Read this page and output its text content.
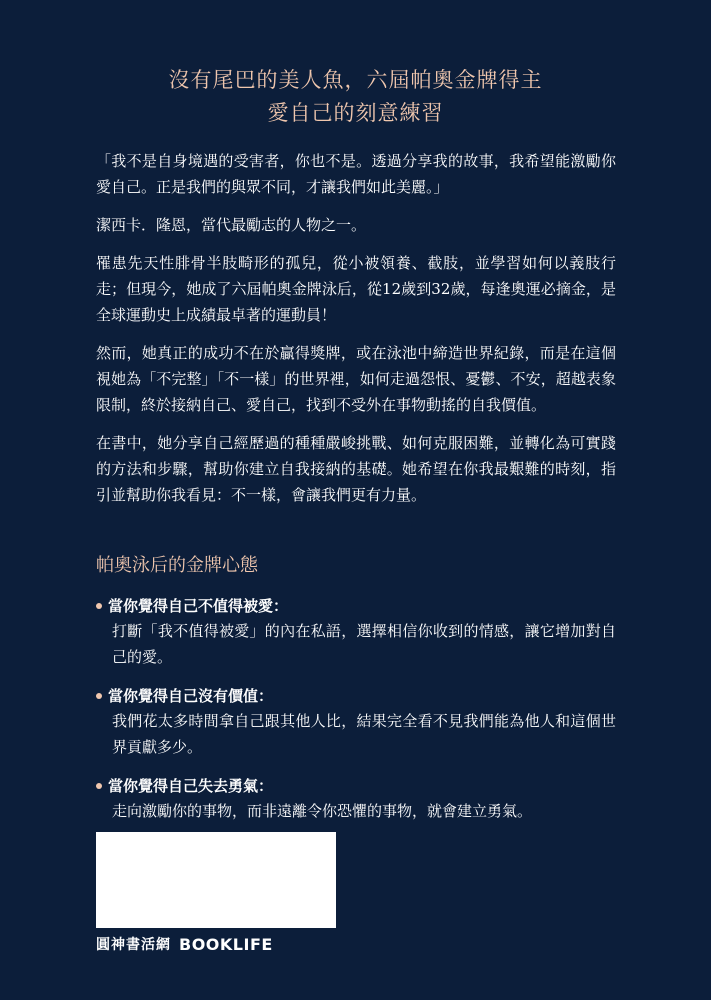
沒有尾巴的美人魚，六屆帕奧金牌得主
愛自己的刻意練習

「我不是自身境遇的受害者，你也不是。透過分享我的故事，我希望能激勵你愛自己。正是我們的與眾不同，才讓我們如此美麗。」

潔西卡．隆恩，當代最勵志的人物之一。

罹患先天性腓骨半肢畸形的孤兒，從小被領養、截肢，並學習如何以義肢行走；但現今，她成了六屆帕奧金牌泳后，從12歲到32歲，每逢奧運必摘金，是全球運動史上成績最卓著的運動員！

然而，她真正的成功不在於贏得獎牌，或在泳池中締造世界紀錄，而是在這個視她為「不完整」「不一樣」的世界裡，如何走過怨恨、憂鬱、不安，超越表象限制，終於接納自己、愛自己，找到不受外在事物動搖的自我價值。

在書中，她分享自己經歷過的種種嚴峻挑戰、如何克服困難，並轉化為可實踐的方法和步驟，幫助你建立自我接納的基礎。她希望在你我最艱難的時刻，指引並幫助你我看見：不一樣，會讓我們更有力量。

帕奧泳后的金牌心態
當你覺得自己不值得被愛：
打斷「我不值得被愛」的內在私語，選擇相信你收到的情感，讓它增加對自己的愛。
當你覺得自己沒有價值：
我們花太多時間拿自己跟其他人比，結果完全看不見我們能為他人和這個世界貢獻多少。
當你覺得自己失去勇氣：
走向激勵你的事物，而非遠離令你恐懼的事物，就會建立勇氣。
圓神書活網 BOOKLIFE
